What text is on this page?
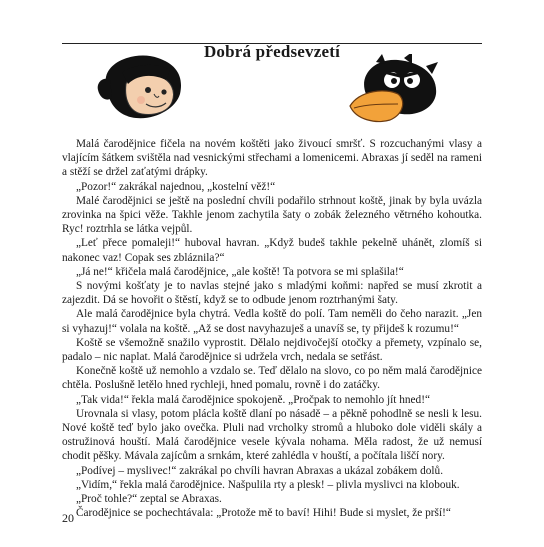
Dobrá předsevzetí

Malá čarodějnice fičela na novém koštěti jako živoucí smršť. S rozcuchanými vlasy a vlajícím šátkem svištěla nad vesnickými střechami a lomenicemi. Abraxas jí seděl na rameni a stěží se držel zaťatými drápky.

„Pozor!“ zakrákal najednou, „kostelní věž!“

Malé čarodějnici se ještě na poslední chvíli podařilo strhnout koště, jinak by byla uvázla zrovinka na špici věže. Takhle jenom zachytila šaty o zobák železného větrného kohoutka. Ryc! roztrhla se látka vejpůl.

„Leť přece pomaleji!“ huboval havran. „Když budeš takhle pekelně uhánět, zlomíš si nakonec vaz! Copak ses zbláznila?“

„Já ne!“ křičela malá čarodějnice, „ale koště! Ta potvora se mi splašila!“

S novými košťaty je to navlas stejné jako s mladými koňmi: napřed se musí zkrotit a zajezdit. Dá se hovořit o štěstí, když se to odbude jenom roztrhanými šaty.

Ale malá čarodějnice byla chytrá. Vedla koště do polí. Tam neměli do čeho narazit. „Jen si vyhazuj!“ volala na koště. „Až se dost navyhazuješ a unavíš se, ty přijdeš k rozumu!“

Koště se všemožně snažilo vyprostit. Dělalo nejdivočejší otočky a přemety, vzpínalo se, padalo – nic naplat. Malá čarodějnice si udržela vrch, nedala se setřást.

Konečně koště už nemohlo a vzdalo se. Teď dělalo na slovo, co po něm malá čarodějnice chtěla. Poslušně letělo hned rychleji, hned pomalu, rovně i do zatáčky.

„Tak vida!“ řekla malá čarodějnice spokojeně. „Pročpak to nemohlo jít hned!“

Urovnala si vlasy, potom plácla koště dlaní po násadě – a pěkně pohodlně se nesli k lesu. Nové koště teď bylo jako ovečka. Pluli nad vrcholky stromů a hluboko dole viděli skály a ostružinová houští. Malá čarodějnice vesele kývala nohama. Měla radost, že už nemusí chodit pěšky. Mávala zajícům a srnkám, které zahlédla v houští, a počítala liščí nory.

„Podívej – myslivec!“ zakrákal po chvíli havran Abraxas a ukázal zobákem dolů.

„Vidím,“ řekla malá čarodějnice. Našpulila rty a plesk! – plivla myslivci na klobouk.

„Proč tohle?“ zeptal se Abraxas.

Čarodějnice se pochechtávala: „Protože mě to baví! Hihi! Bude si myslet, že prší!“

20
